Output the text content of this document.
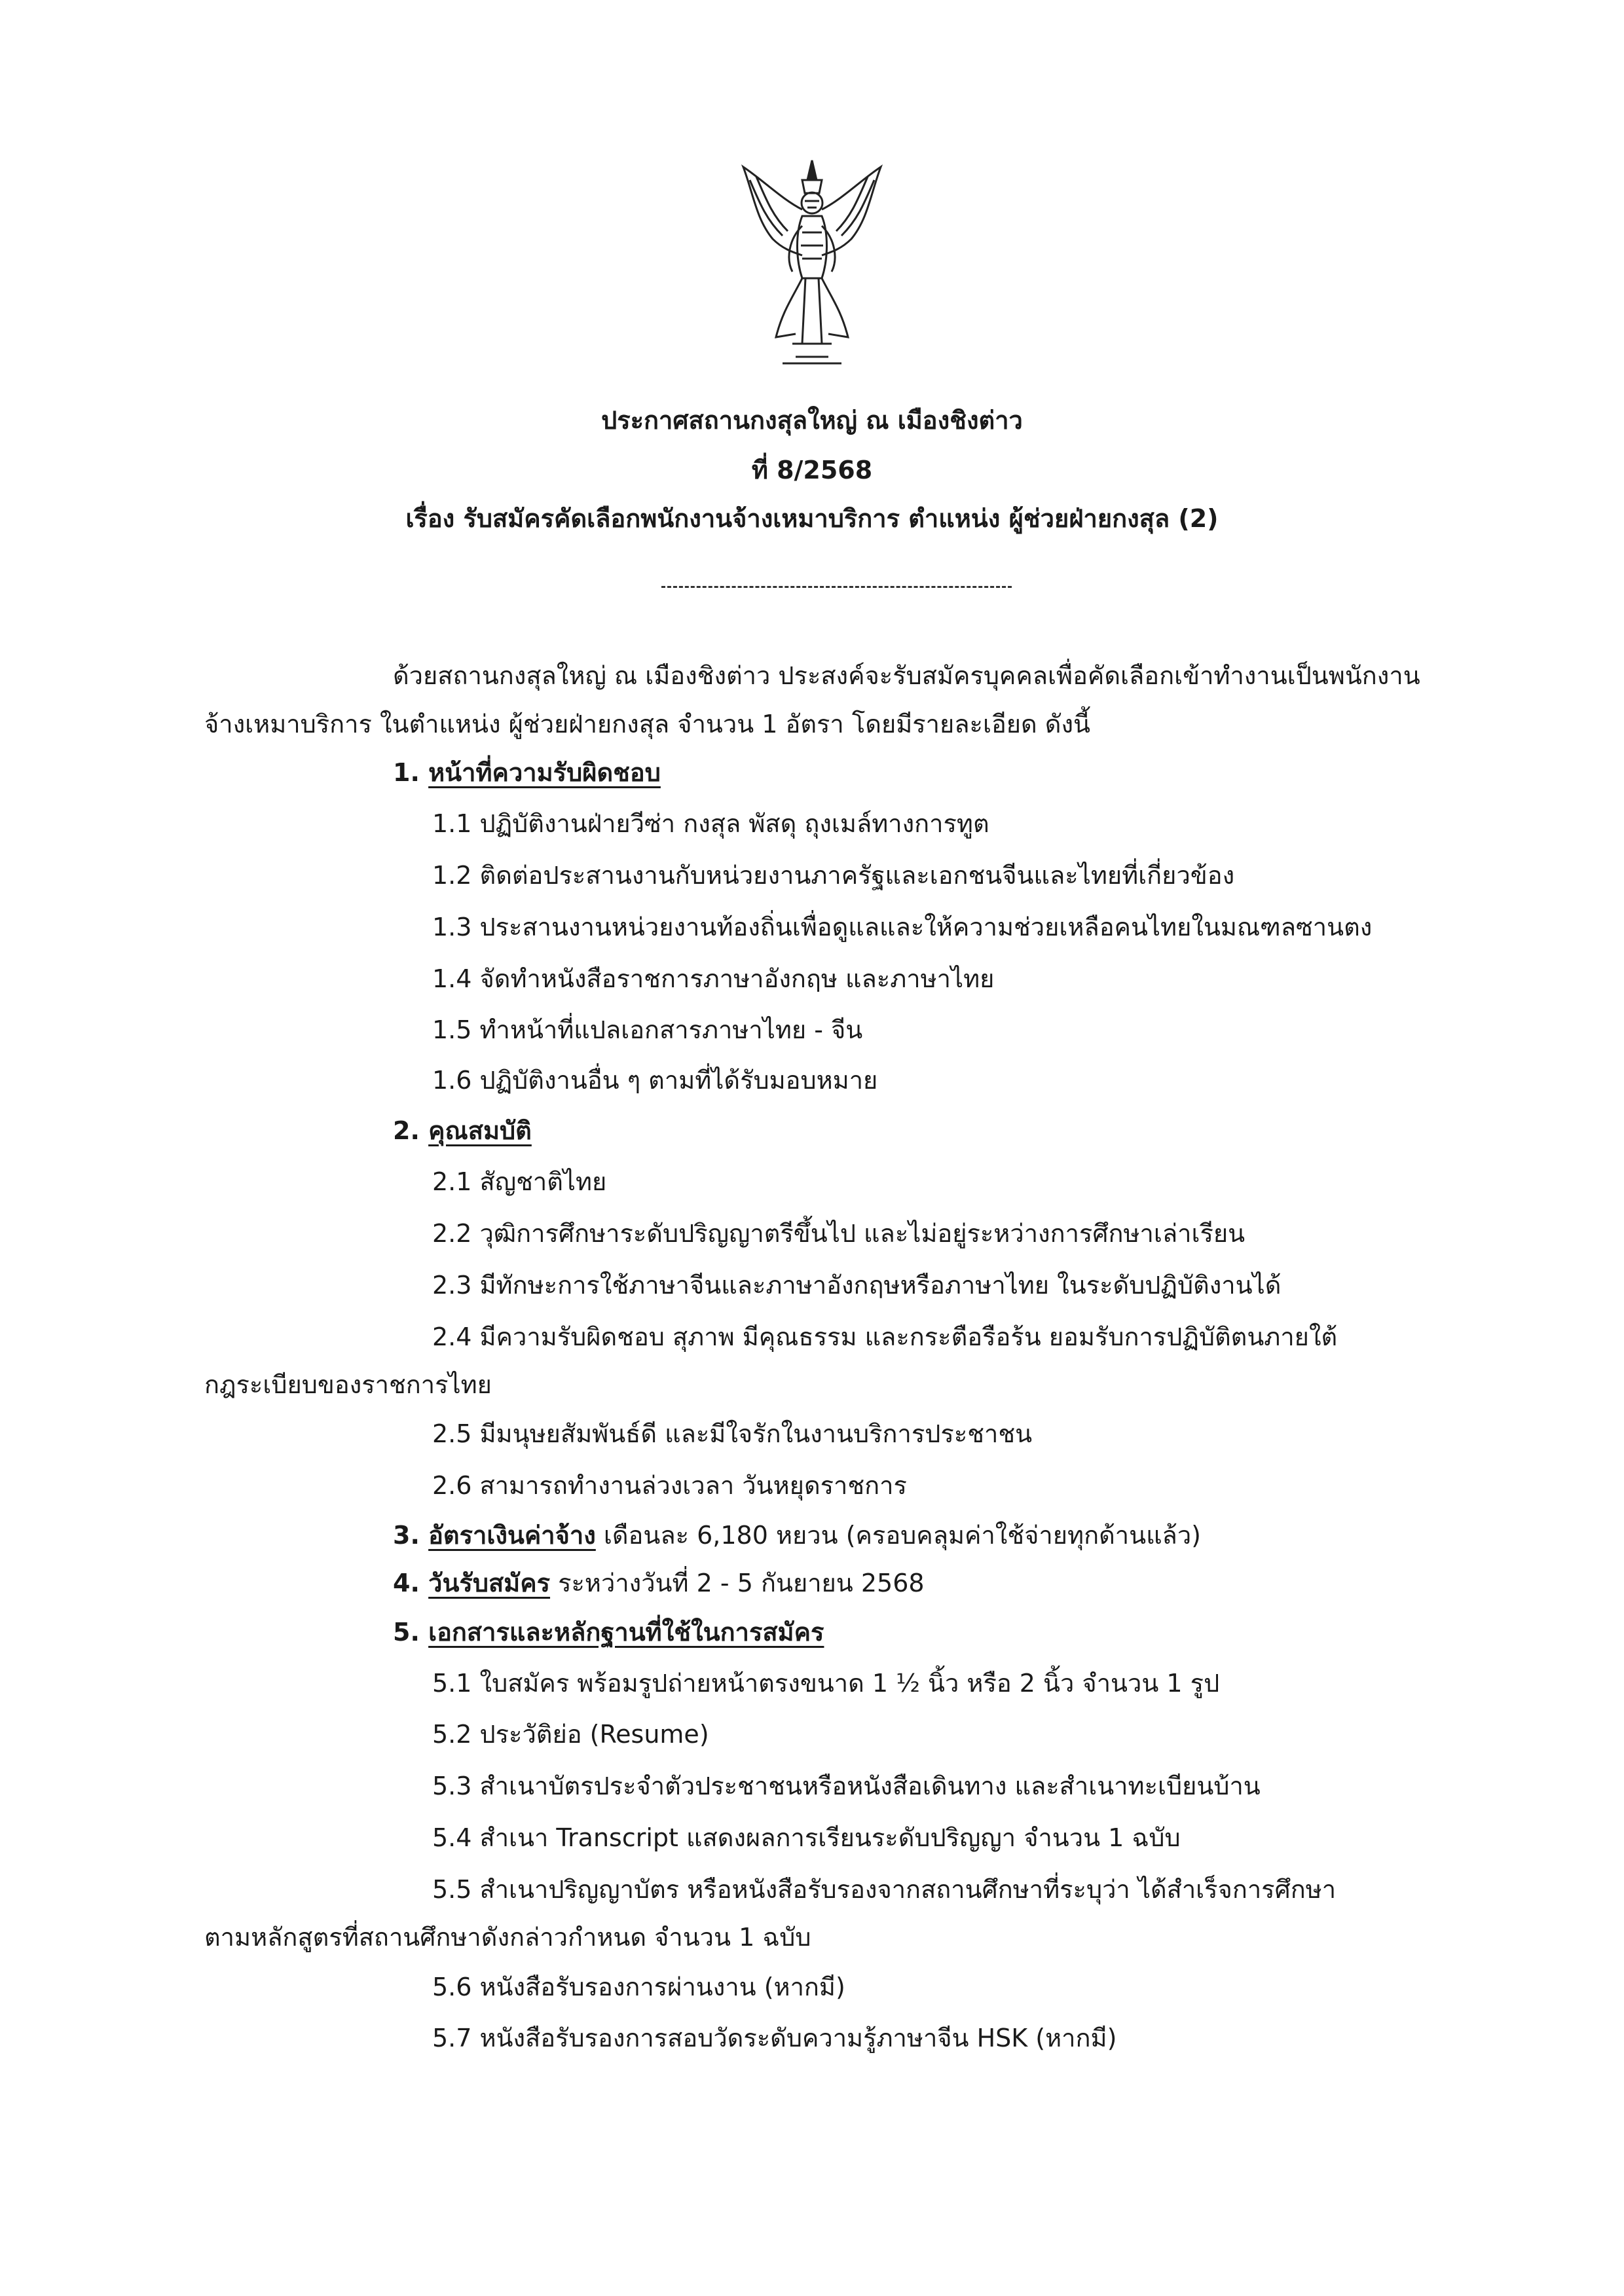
ประกาศสถานกงสุลใหญ่ ณ เมืองชิงต่าว
ที่ 8/2568
เรื่อง รับสมัครคัดเลือกพนักงานจ้างเหมาบริการ ตำแหน่ง ผู้ช่วยฝ่ายกงสุล (2)
ด้วยสถานกงสุลใหญ่ ณ เมืองชิงต่าว ประสงค์จะรับสมัครบุคคลเพื่อคัดเลือกเข้าทำงานเป็นพนักงาน
จ้างเหมาบริการ ในตำแหน่ง ผู้ช่วยฝ่ายกงสุล จำนวน 1 อัตรา โดยมีรายละเอียด ดังนี้
1. หน้าที่ความรับผิดชอบ
1.1 ปฏิบัติงานฝ่ายวีซ่า กงสุล พัสดุ ถุงเมล์ทางการทูต
1.2 ติดต่อประสานงานกับหน่วยงานภาครัฐและเอกชนจีนและไทยที่เกี่ยวข้อง
1.3 ประสานงานหน่วยงานท้องถิ่นเพื่อดูแลและให้ความช่วยเหลือคนไทยในมณฑลซานตง
1.4 จัดทำหนังสือราชการภาษาอังกฤษ และภาษาไทย
1.5 ทำหน้าที่แปลเอกสารภาษาไทย - จีน
1.6 ปฏิบัติงานอื่น ๆ ตามที่ได้รับมอบหมาย
2. คุณสมบัติ
2.1 สัญชาติไทย
2.2 วุฒิการศึกษาระดับปริญญาตรีขึ้นไป และไม่อยู่ระหว่างการศึกษาเล่าเรียน
2.3 มีทักษะการใช้ภาษาจีนและภาษาอังกฤษหรือภาษาไทย ในระดับปฏิบัติงานได้
2.4 มีความรับผิดชอบ สุภาพ มีคุณธรรม และกระตือรือร้น ยอมรับการปฏิบัติตนภายใต้
กฎระเบียบของราชการไทย
2.5 มีมนุษยสัมพันธ์ดี และมีใจรักในงานบริการประชาชน
2.6 สามารถทำงานล่วงเวลา วันหยุดราชการ
3. อัตราเงินค่าจ้าง เดือนละ 6,180 หยวน (ครอบคลุมค่าใช้จ่ายทุกด้านแล้ว)
4. วันรับสมัคร ระหว่างวันที่ 2 - 5 กันยายน 2568
5. เอกสารและหลักฐานที่ใช้ในการสมัคร
5.1 ใบสมัคร พร้อมรูปถ่ายหน้าตรงขนาด 1 ½ นิ้ว หรือ 2 นิ้ว จำนวน 1 รูป
5.2 ประวัติย่อ (Resume)
5.3 สำเนาบัตรประจำตัวประชาชนหรือหนังสือเดินทาง และสำเนาทะเบียนบ้าน
5.4 สำเนา Transcript แสดงผลการเรียนระดับปริญญา จำนวน 1 ฉบับ
5.5 สำเนาปริญญาบัตร หรือหนังสือรับรองจากสถานศึกษาที่ระบุว่า ได้สำเร็จการศึกษา
ตามหลักสูตรที่สถานศึกษาดังกล่าวกำหนด จำนวน 1 ฉบับ
5.6 หนังสือรับรองการผ่านงาน (หากมี)
5.7 หนังสือรับรองการสอบวัดระดับความรู้ภาษาจีน HSK (หากมี)
